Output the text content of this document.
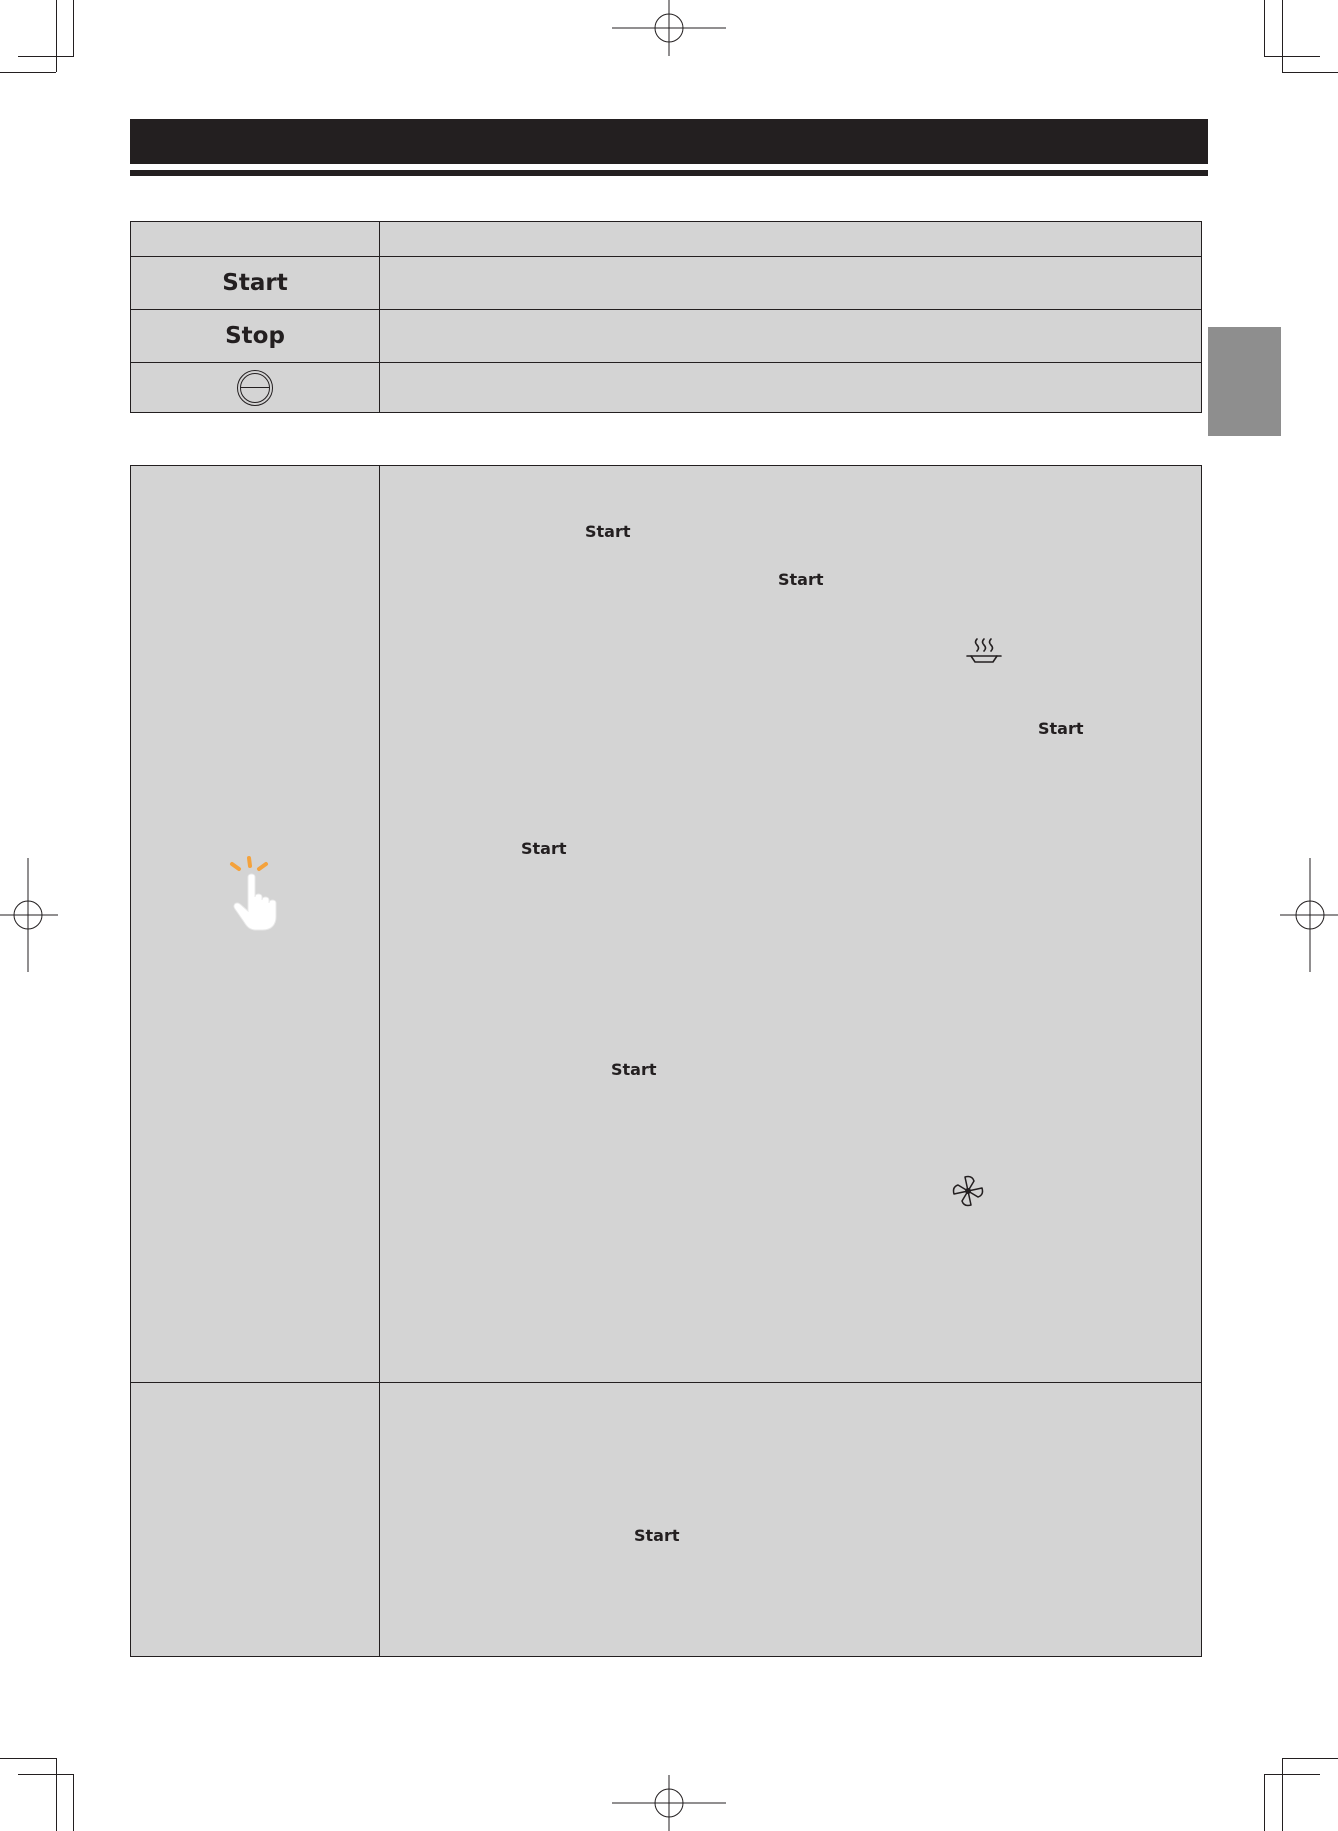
Start	
Stop	

Start
Start
Start
Start
Start
Start
